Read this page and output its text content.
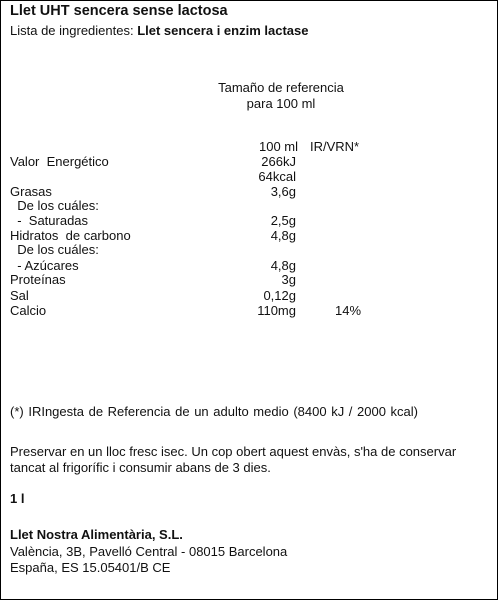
Llet UHT sencera sense lactosa
Lista de ingredientes: Llet sencera i enzim lactase
Tamaño de referencia
para 100 ml
100 ml IR/VRN*
Valor  Energético	266kJ
64kcal
Grasas	3,6g
De los cuáles:
-  Saturadas	2,5g
Hidratos  de carbono	4,8g
De los cuáles:
- Azúcares	4,8g
Proteínas	3g
Sal	0,12g
Calcio	110mg	14%
(*) IRIngesta de Referencia de un adulto medio (8400 kJ / 2000 kcal)
Preservar en un lloc fresc isec. Un cop obert aquest envàs, s'ha de conservar
tancat al frigorífic i consumir abans de 3 dies.
1 l
Llet Nostra Alimentària, S.L.
València, 3B, Pavelló Central - 08015 Barcelona
España, ES 15.05401/B CE
